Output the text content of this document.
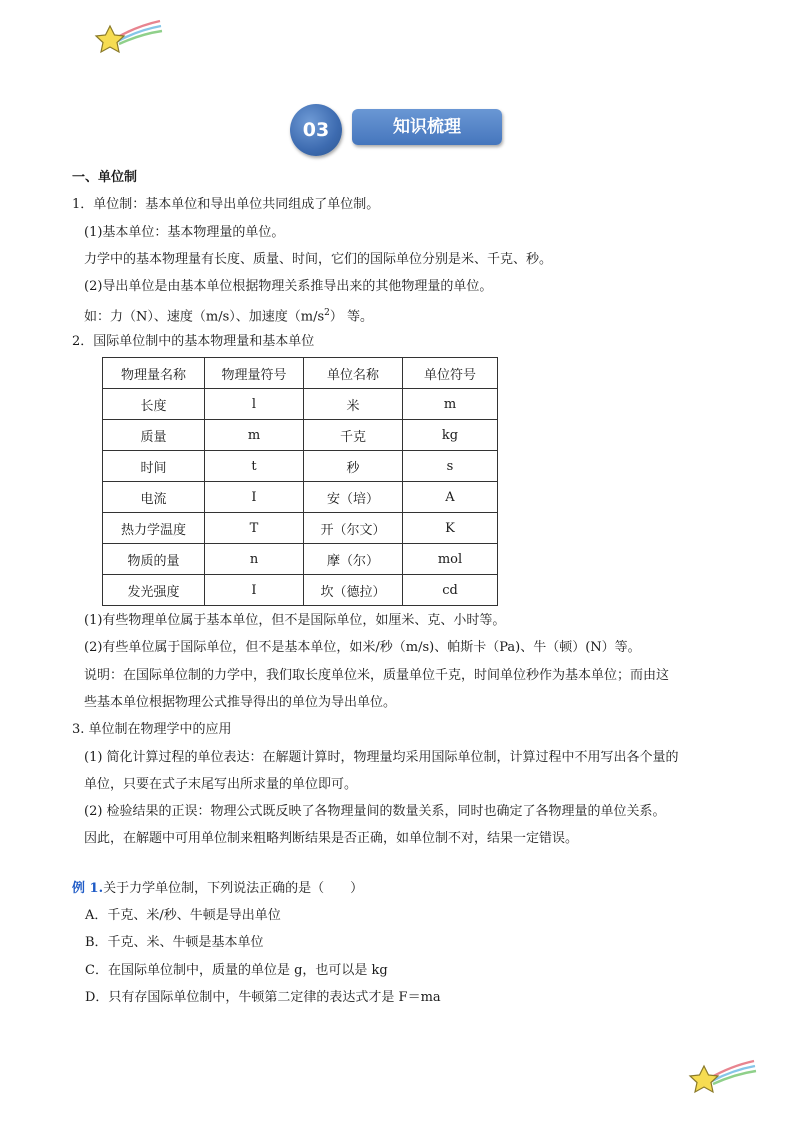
03	知识梳理
一、单位制
1．单位制：基本单位和导出单位共同组成了单位制。
(1)基本单位：基本物理量的单位。
力学中的基本物理量有长度、质量、时间，它们的国际单位分别是米、千克、秒。
(2)导出单位是由基本单位根据物理关系推导出来的其他物理量的单位。
如：力（N）、速度（m/s）、加速度$(m/s^2)$ 等。
2．国际单位制中的基本物理量和基本单位
物理量名称	物理量符号	单位名称	单位符号
长度	l	米	m
质量	m	千克	kg
时间	t	秒	s
电流	I	安（培）	A
热力学温度	T	开（尔文）	K
物质的量	n	摩（尔）	mol
发光强度	I	坎（德拉）	cd
(1)有些物理单位属于基本单位，但不是国际单位，如厘米、克、小时等。
(2)有些单位属于国际单位，但不是基本单位，如米/秒（m/s)、帕斯卡（Pa)、牛（顿）(N）等。
说明：在国际单位制的力学中，我们取长度单位米，质量单位千克，时间单位秒作为基本单位；而由这
些基本单位根据物理公式推导得出的单位为导出单位。
3. 单位制在物理学中的应用
(1) 简化计算过程的单位表达：在解题计算时，物理量均采用国际单位制，计算过程中不用写出各个量的
单位，只要在式子末尾写出所求量的单位即可。
(2) 检验结果的正误：物理公式既反映了各物理量间的数量关系，同时也确定了各物理量的单位关系。
因此，在解题中可用单位制来粗略判断结果是否正确，如单位制不对，结果一定错误。
例 1.关于力学单位制，下列说法正确的是（　　）
A．千克、米/秒、牛顿是导出单位
B．千克、米、牛顿是基本单位
C．在国际单位制中，质量的单位是 g，也可以是 kg
D．只有存国际单位制中，牛顿第二定律的表达式才是 F＝ma
